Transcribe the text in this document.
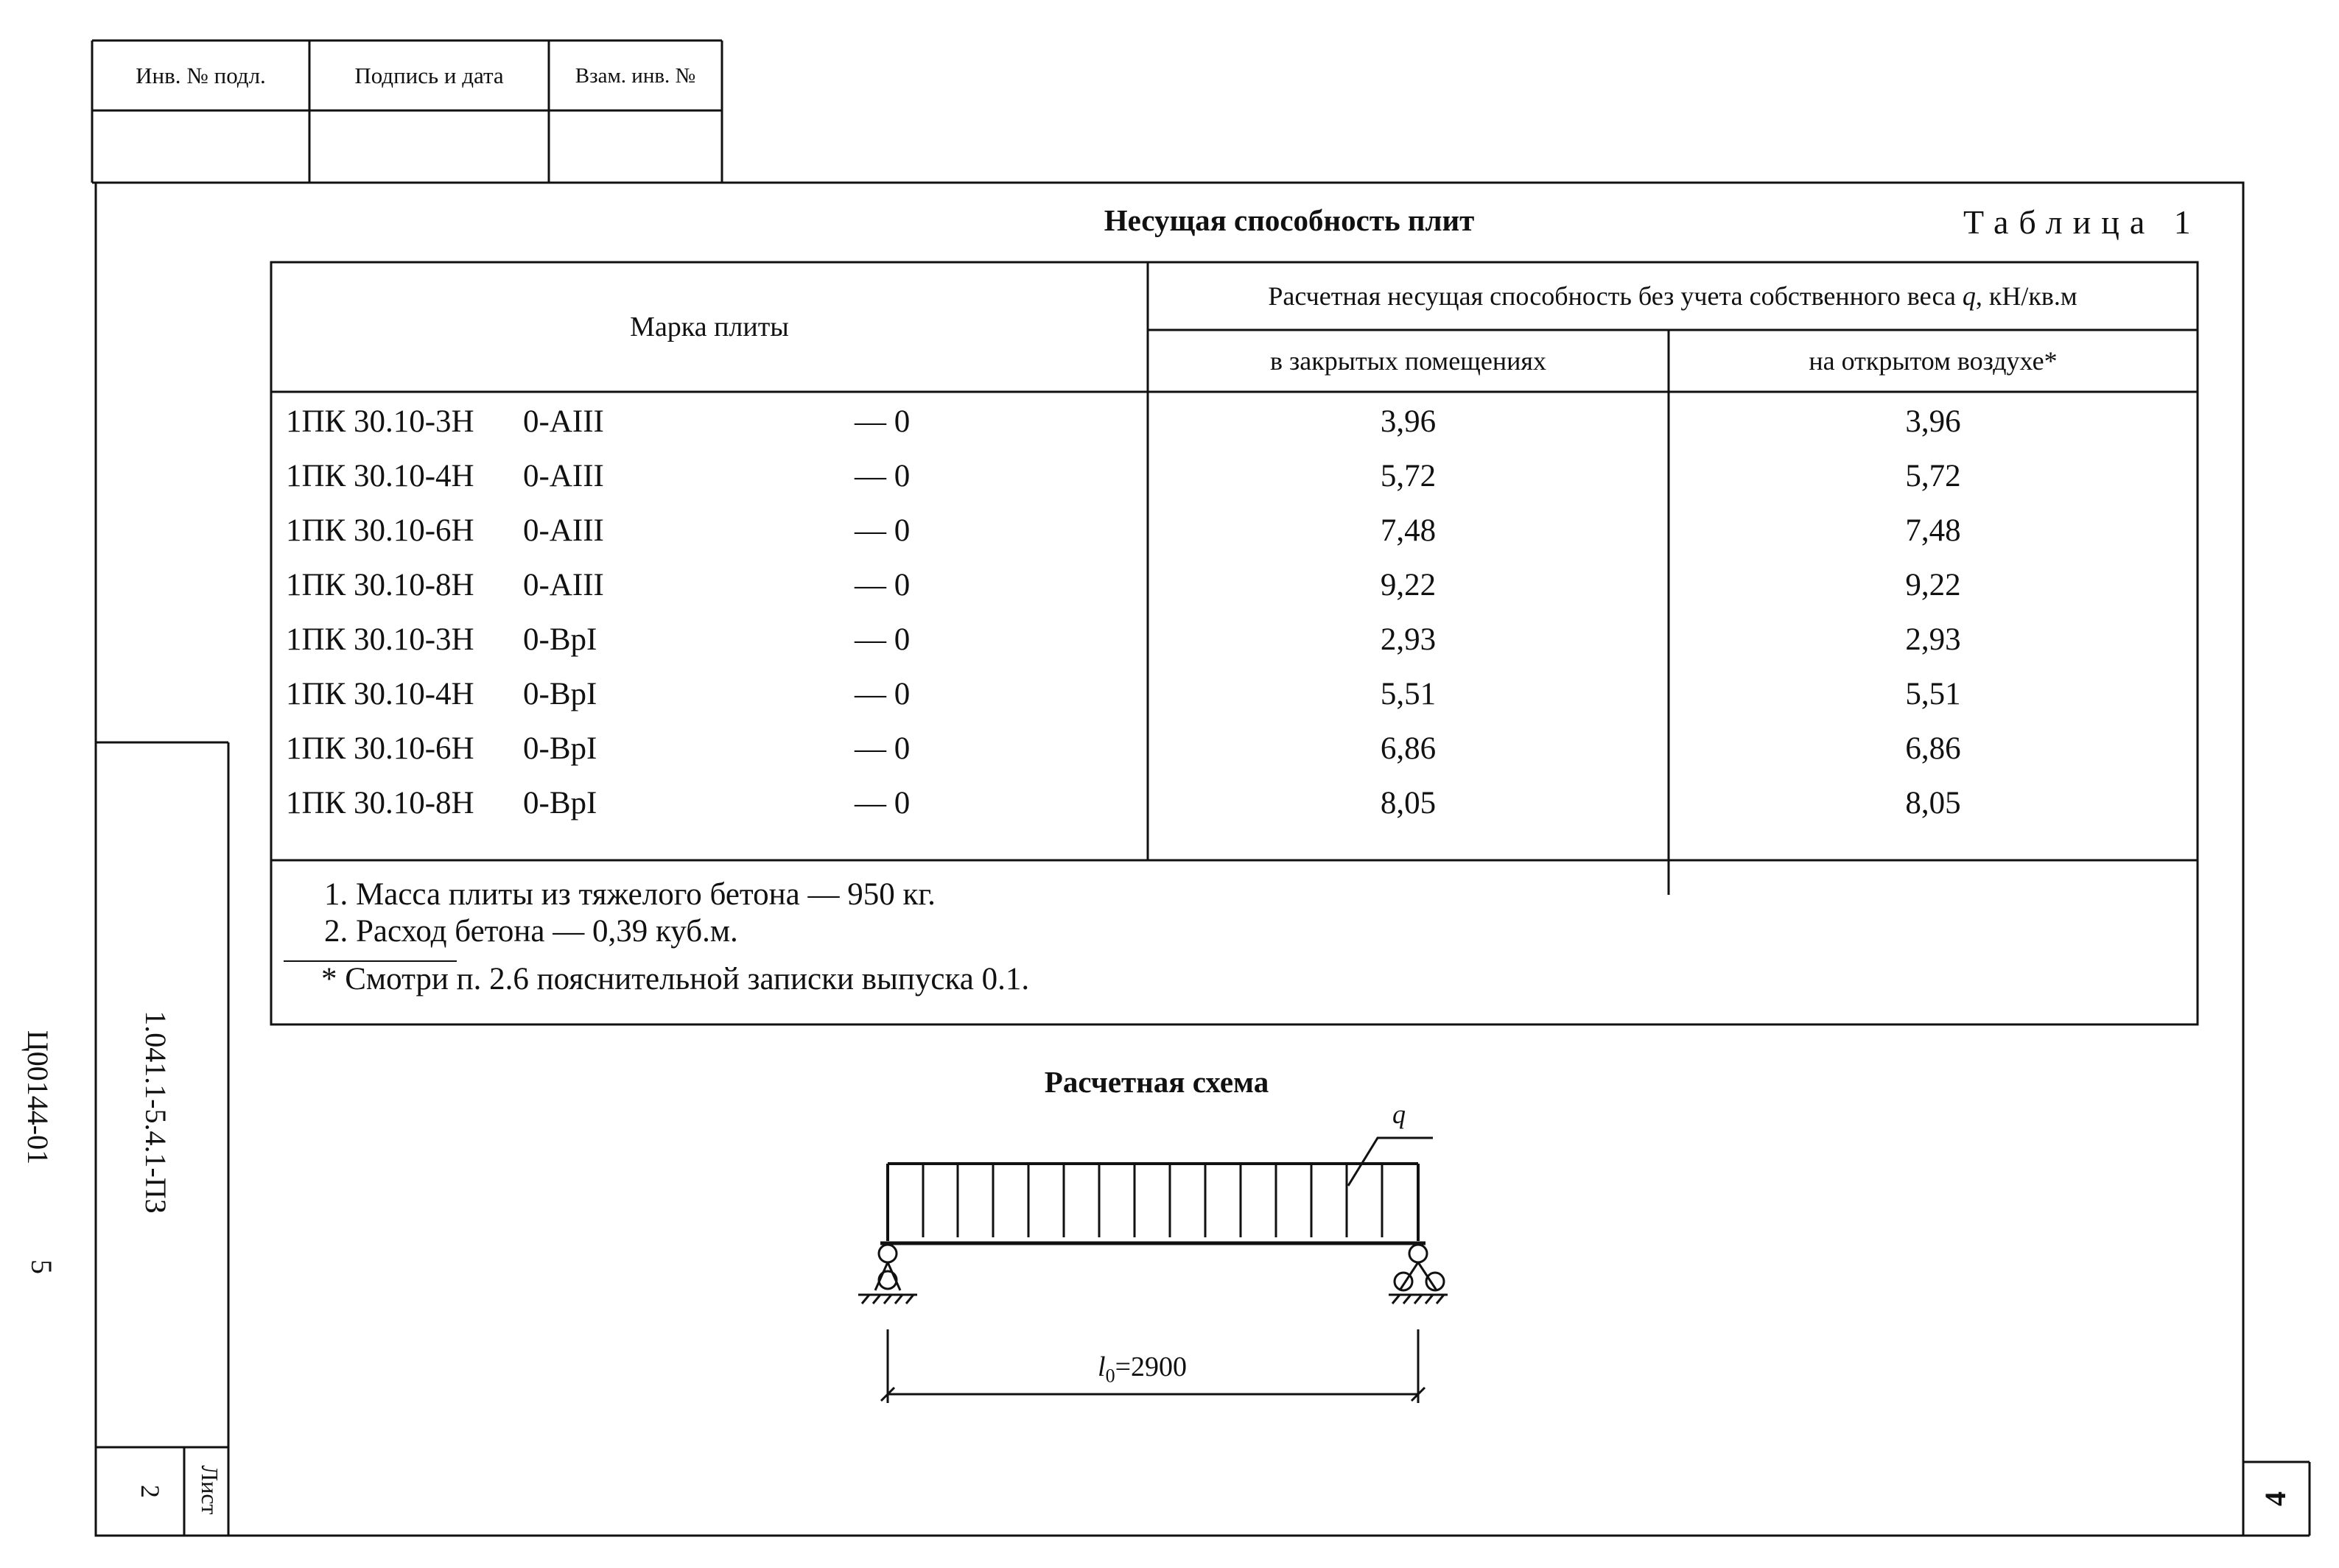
Инв. № подл.	Подпись и дата	Взам. инв. №
Несущая способность плит	Таблица 1
Марка плиты
Расчетная несущая способность без учета собственного веса
q , кН/кв.м
в закрытых помещениях	на открытом воздухе*
1ПК 30.10-3Н 0-АIII	— 0	3,96	3,96
1ПК 30.10-4Н 0-АIII	— 0	5,72	5,72
1ПК 30.10-6Н 0-АIII	— 0	7,48	7,48
1ПК 30.10-8Н 0-АIII	— 0	9,22	9,22
1ПК 30.10-3Н 0-ВрI	— 0	2,93	2,93
1ПК 30.10-4Н 0-ВрI	— 0	5,51	5,51
1ПК 30.10-6Н 0-ВрI	— 0	6,86	6,86
1ПК 30.10-8Н 0-ВрI	— 0	8,05	8,05
1. Масса плиты из тяжелого бетона — 950 кг.
2. Расход бетона — 0,39 куб.м.
* Смотри п. 2.6 пояснительной записки выпуска 0.1.
Расчетная схема
q
$l_0=2900$
1.041.1-5.4.1-ПЗ
Ц00144-01
5
Лист
2	4
